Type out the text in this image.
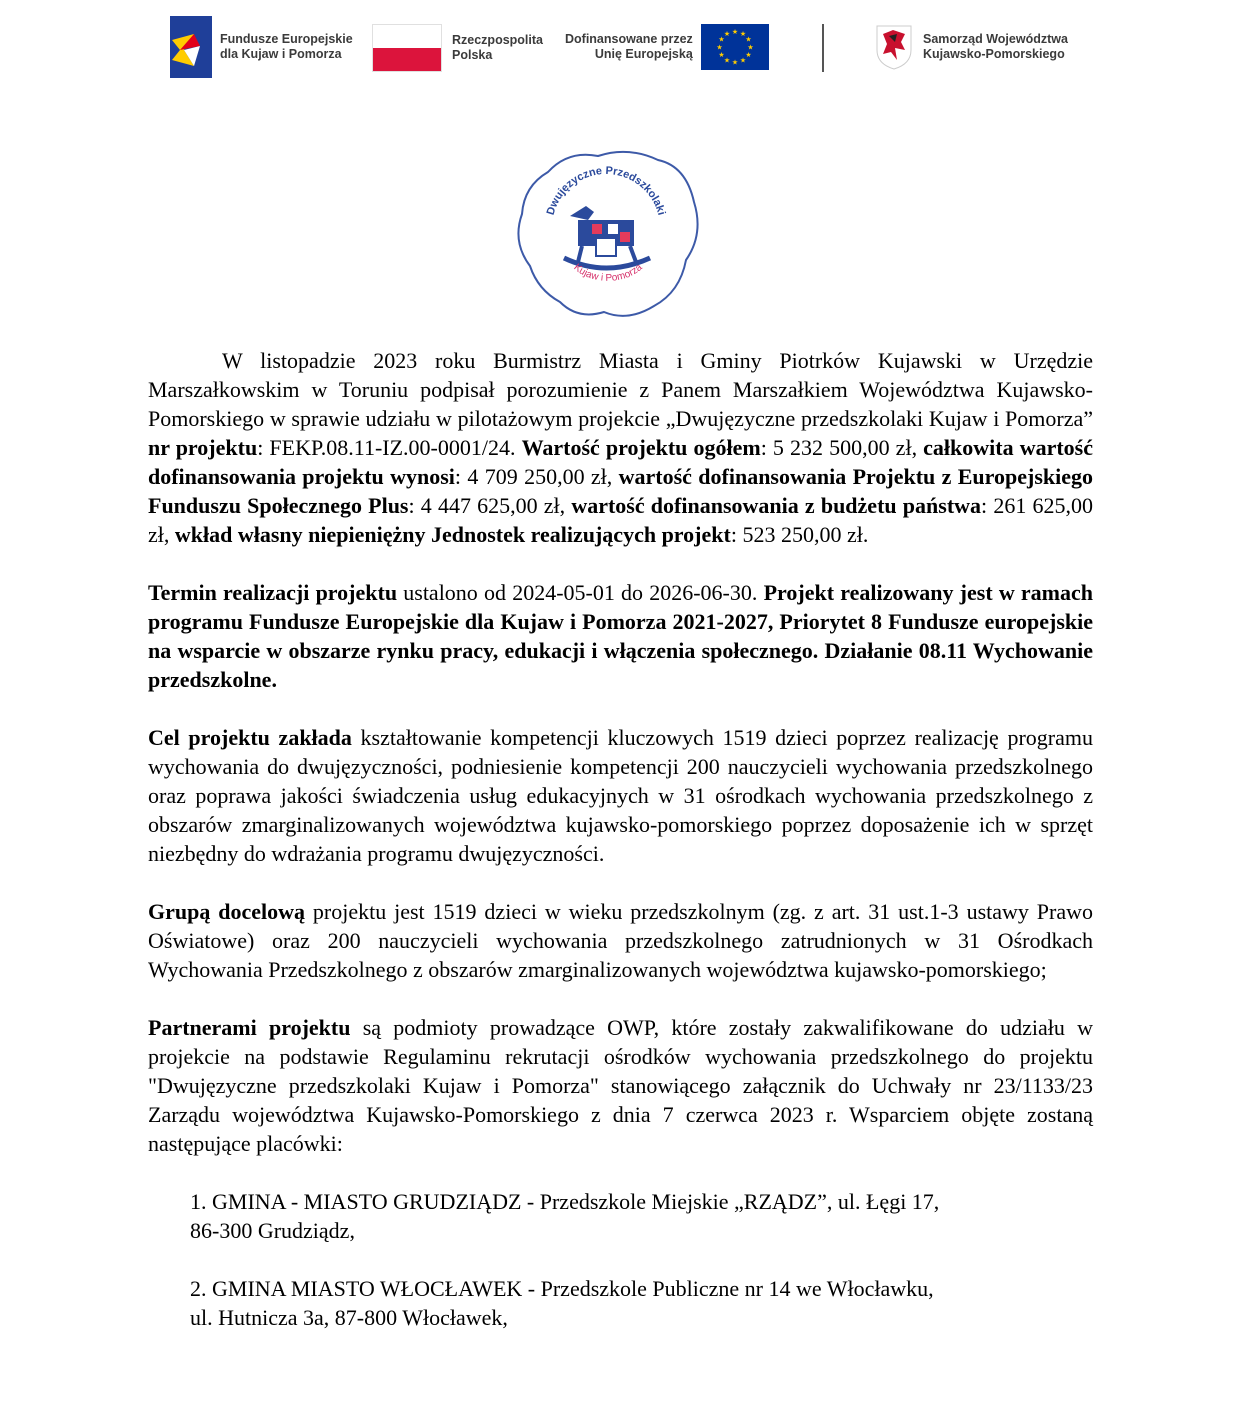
Fundusze Europejskie
dla Kujaw i Pomorza
Rzeczpospolita
Polska
Dofinansowane przez
Unię Europejską
★ ★
★
★
★
★
★
★
★
★
★
★	Samorząd Województwa
Kujawsko-Pomorskiego
Dwujęzyczne Przedszkolaki
Kujaw i Pomorza

W listopadzie 2023 roku Burmistrz Miasta i Gminy Piotrków Kujawski w Urzędzie Marszałkowskim w Toruniu podpisał porozumienie z Panem Marszałkiem Województwa Kujawsko-Pomorskiego w sprawie udziału w pilotażowym projekcie „Dwujęzyczne przedszkolaki Kujaw i Pomorza” nr projektu: FEKP.08.11-IZ.00-0001/24. Wartość projektu ogółem: 5 232 500,00 zł, całkowita wartość dofinansowania projektu wynosi: 4 709 250,00 zł, wartość dofinansowania Projektu z Europejskiego Funduszu Społecznego Plus: 4 447 625,00 zł, wartość dofinansowania z budżetu państwa: 261 625,00 zł, wkład własny niepieniężny Jednostek realizujących projekt: 523 250,00 zł.

Termin realizacji projektu ustalono od 2024-05-01 do 2026-06-30. Projekt realizowany jest w ramach programu Fundusze Europejskie dla Kujaw i Pomorza 2021-2027, Priorytet 8 Fundusze europejskie na wsparcie w obszarze rynku pracy, edukacji i włączenia społecznego. Działanie 08.11 Wychowanie przedszkolne.

Cel projektu zakłada kształtowanie kompetencji kluczowych 1519 dzieci poprzez realizację programu wychowania do dwujęzyczności, podniesienie kompetencji 200 nauczycieli wychowania przedszkolnego oraz poprawa jakości świadczenia usług edukacyjnych w 31 ośrodkach wychowania przedszkolnego z obszarów zmarginalizowanych województwa kujawsko-pomorskiego poprzez doposażenie ich w sprzęt niezbędny do wdrażania programu dwujęzyczności.

Grupą docelową projektu jest 1519 dzieci w wieku przedszkolnym (zg. z art. 31 ust.1-3 ustawy Prawo Oświatowe) oraz 200 nauczycieli wychowania przedszkolnego zatrudnionych w 31 Ośrodkach Wychowania Przedszkolnego z obszarów zmarginalizowanych województwa kujawsko-pomorskiego;

Partnerami projektu są podmioty prowadzące OWP, które zostały zakwalifikowane do udziału w projekcie na podstawie Regulaminu rekrutacji ośrodków wychowania przedszkolnego do projektu "Dwujęzyczne przedszkolaki Kujaw i Pomorza" stanowiącego załącznik do Uchwały nr 23/1133/23 Zarządu województwa Kujawsko-Pomorskiego z dnia 7 czerwca 2023 r. Wsparciem objęte zostaną następujące placówki:

1. GMINA - MIASTO GRUDZIĄDZ - Przedszkole Miejskie „RZĄDZ”, ul. Łęgi 17,
86-300 Grudziądz,
2. GMINA MIASTO WŁOCŁAWEK - Przedszkole Publiczne nr 14 we Włocławku,
ul. Hutnicza 3a, 87-800 Włocławek,
